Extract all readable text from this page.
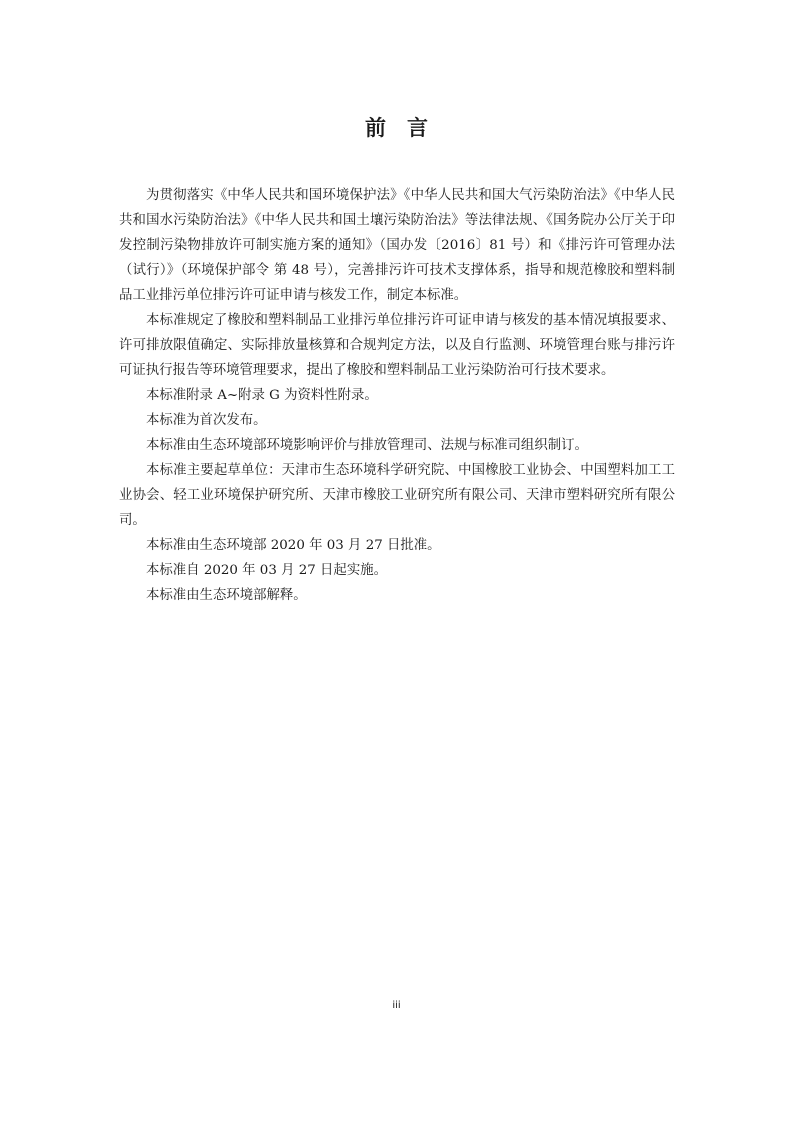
前　言

为贯彻落实《中华人民共和国环境保护法》《中华人民共和国大气污染防治法》《中华人民共和国水污染防治法》《中华人民共和国土壤污染防治法》等法律法规、《国务院办公厅关于印发控制污染物排放许可制实施方案的通知》（国办发〔2016〕81 号）和《排污许可管理办法（试行）》（环境保护部令 第 48 号），完善排污许可技术支撑体系，指导和规范橡胶和塑料制品工业排污单位排污许可证申请与核发工作，制定本标准。

本标准规定了橡胶和塑料制品工业排污单位排污许可证申请与核发的基本情况填报要求、许可排放限值确定、实际排放量核算和合规判定方法，以及自行监测、环境管理台账与排污许可证执行报告等环境管理要求，提出了橡胶和塑料制品工业污染防治可行技术要求。

本标准附录 A~附录 G 为资料性附录。

本标准为首次发布。

本标准由生态环境部环境影响评价与排放管理司、法规与标准司组织制订。

本标准主要起草单位：天津市生态环境科学研究院、中国橡胶工业协会、中国塑料加工工业协会、轻工业环境保护研究所、天津市橡胶工业研究所有限公司、天津市塑料研究所有限公司。

本标准由生态环境部 2020 年 03 月 27 日批准。

本标准自 2020 年 03 月 27 日起实施。

本标准由生态环境部解释。

iii
